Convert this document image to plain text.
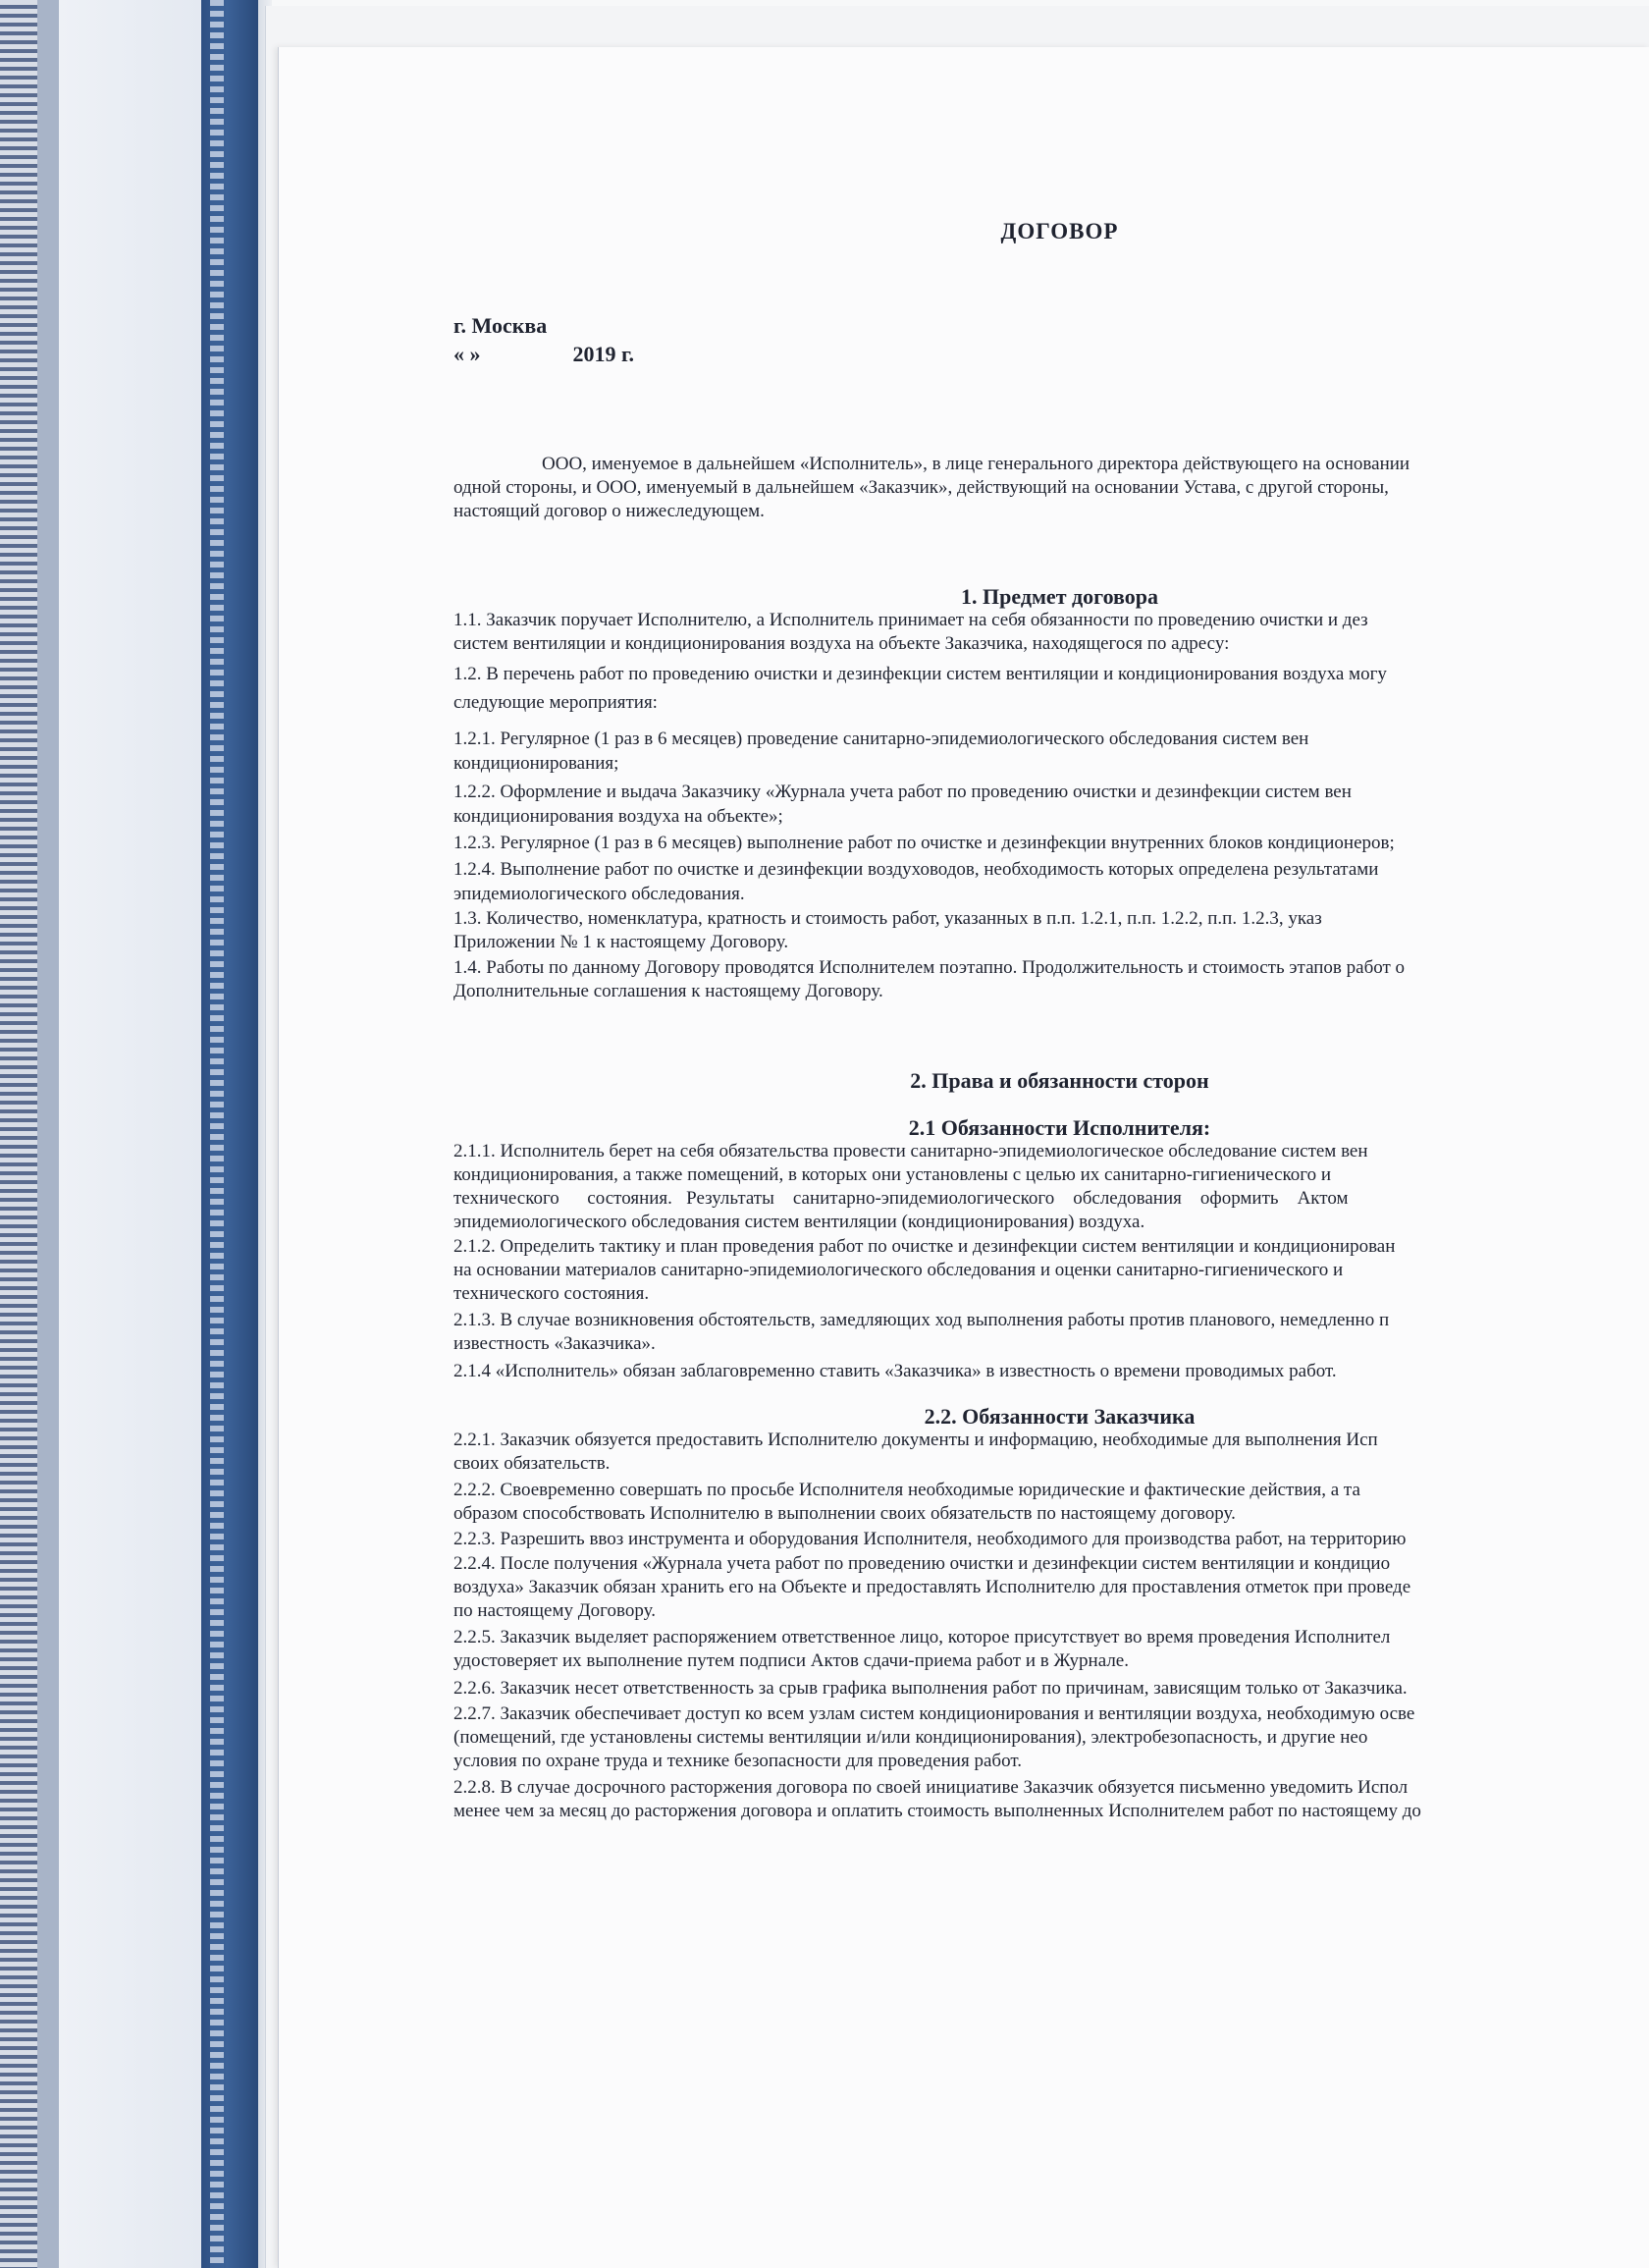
ДОГОВОР
г. Москва
« »	2019 г.
ООО, именуемое в дальнейшем «Исполнитель», в лице генерального директора действующего на основании
одной стороны, и ООО, именуемый в дальнейшем «Заказчик», действующий на основании Устава, с другой стороны,
настоящий договор о нижеследующем.
1. Предмет договора
1.1. Заказчик поручает Исполнителю, а Исполнитель принимает на себя обязанности по проведению очистки и дез
систем вентиляции и кондиционирования воздуха на объекте Заказчика, находящегося по адресу:
1.2. В перечень работ по проведению очистки и дезинфекции систем вентиляции и кондиционирования воздуха могу
следующие мероприятия:
1.2.1. Регулярное (1 раз в 6 месяцев) проведение санитарно-эпидемиологического обследования систем вен
кондиционирования;
1.2.2. Оформление и выдача Заказчику «Журнала учета работ по проведению очистки и дезинфекции систем вен
кондиционирования воздуха на объекте»;
1.2.3. Регулярное (1 раз в 6 месяцев) выполнение работ по очистке и дезинфекции внутренних блоков кондиционеров;
1.2.4. Выполнение работ по очистке и дезинфекции воздуховодов, необходимость которых определена результатами
эпидемиологического обследования.
1.3. Количество, номенклатура, кратность и стоимость работ, указанных в п.п. 1.2.1, п.п. 1.2.2, п.п. 1.2.3, указ
Приложении № 1 к настоящему Договору.
1.4. Работы по данному Договору проводятся Исполнителем поэтапно. Продолжительность и стоимость этапов работ о
Дополнительные соглашения к настоящему Договору.
2. Права и обязанности сторон
2.1 Обязанности Исполнителя:
2.1.1. Исполнитель берет на себя обязательства провести санитарно-эпидемиологическое обследование систем вен
кондиционирования, а также помещений, в которых они установлены с целью их санитарно-гигиенического и
технического      состояния.   Результаты    санитарно-эпидемиологического    обследования    оформить    Актом
эпидемиологического обследования систем вентиляции (кондиционирования) воздуха.
2.1.2. Определить тактику и план проведения работ по очистке и дезинфекции систем вентиляции и кондиционирован
на основании материалов санитарно-эпидемиологического обследования и оценки санитарно-гигиенического и
технического состояния.
2.1.3. В случае возникновения обстоятельств, замедляющих ход выполнения работы против планового, немедленно п
известность «Заказчика».
2.1.4 «Исполнитель» обязан заблаговременно ставить «Заказчика» в известность о времени проводимых работ.
2.2. Обязанности Заказчика
2.2.1. Заказчик обязуется предоставить Исполнителю документы и информацию, необходимые для выполнения Исп
своих обязательств.
2.2.2. Своевременно совершать по просьбе Исполнителя необходимые юридические и фактические действия, а та
образом способствовать Исполнителю в выполнении своих обязательств по настоящему договору.
2.2.3. Разрешить ввоз инструмента и оборудования Исполнителя, необходимого для производства работ, на территорию
2.2.4. После получения «Журнала учета работ по проведению очистки и дезинфекции систем вентиляции и кондицио
воздуха» Заказчик обязан хранить его на Объекте и предоставлять Исполнителю для проставления отметок при проведе
по настоящему Договору.
2.2.5. Заказчик выделяет распоряжением ответственное лицо, которое присутствует во время проведения Исполнител
удостоверяет их выполнение путем подписи Актов сдачи-приема работ и в Журнале.
2.2.6. Заказчик несет ответственность за срыв графика выполнения работ по причинам, зависящим только от Заказчика.
2.2.7. Заказчик обеспечивает доступ ко всем узлам систем кондиционирования и вентиляции воздуха, необходимую осве
(помещений, где установлены системы вентиляции и/или кондиционирования), электробезопасность, и другие нео
условия по охране труда и технике безопасности для проведения работ.
2.2.8. В случае досрочного расторжения договора по своей инициативе Заказчик обязуется письменно уведомить Испол
менее чем за месяц до расторжения договора и оплатить стоимость выполненных Исполнителем работ по настоящему до
